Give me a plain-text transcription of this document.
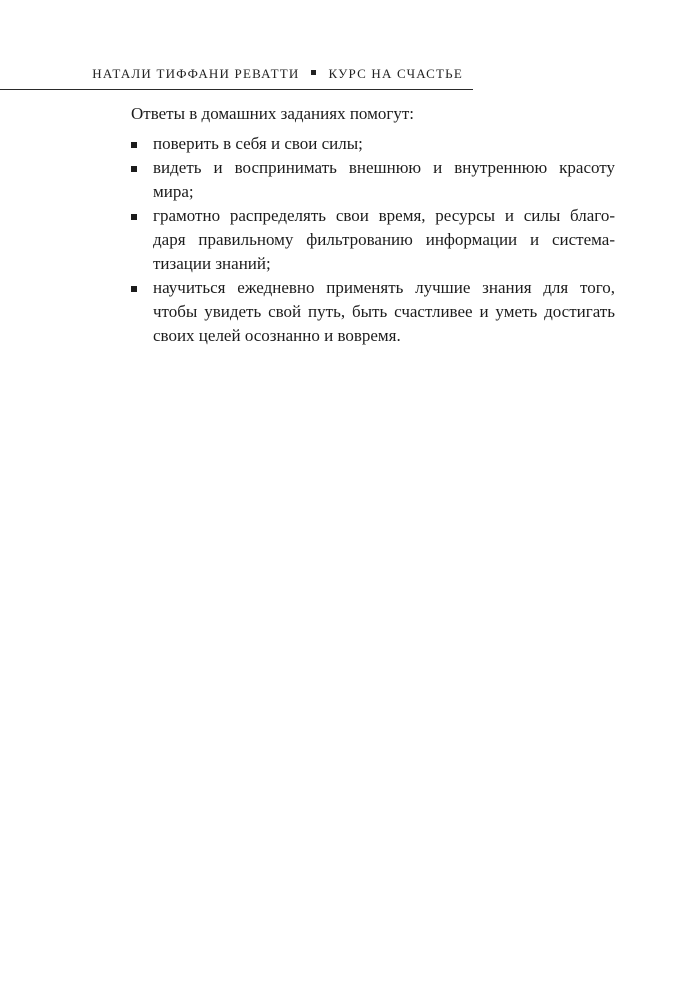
НАТАЛИ ТИФФАНИ РЕВАТТИ КУРС НА СЧАСТЬЕ

Ответы в домашних заданиях помогут:

поверить в себя и свои силы;
видеть и воспринимать внешнюю и внутреннюю красоту
мира;
грамотно распределять свои время, ресурсы и силы благо-
даря правильному фильтрованию информации и система-
тизации знаний;
научиться ежедневно применять лучшие знания для того,
чтобы увидеть свой путь, быть счастливее и уметь достигать
своих целей осознанно и вовремя.
